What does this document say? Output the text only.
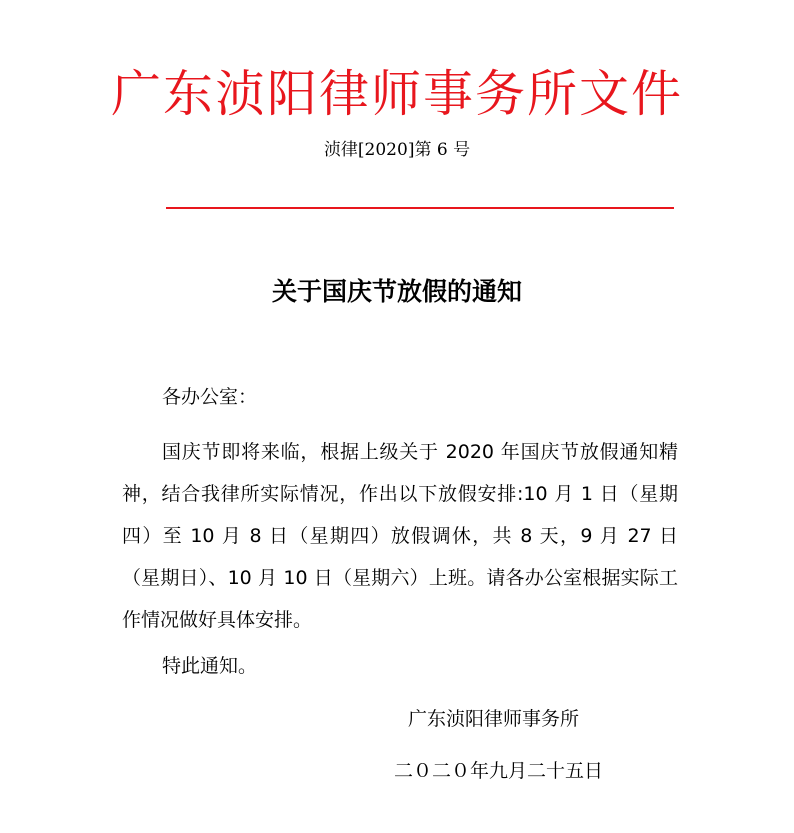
广东浈阳律师事务所文件
浈律[2020]第 6 号
关于国庆节放假的通知
各办公室：

国庆节即将来临，根据上级关于 2020 年国庆节放假通知精神，结合我律所实际情况，作出以下放假安排:10 月 1 日（星期四）至 10 月 8 日（星期四）放假调休，共 8 天，9 月 27 日（星期日）、10 月 10 日（星期六）上班。请各办公室根据实际工作情况做好具体安排。

特此通知。
广东浈阳律师事务所
二０二０年九月二十五日
